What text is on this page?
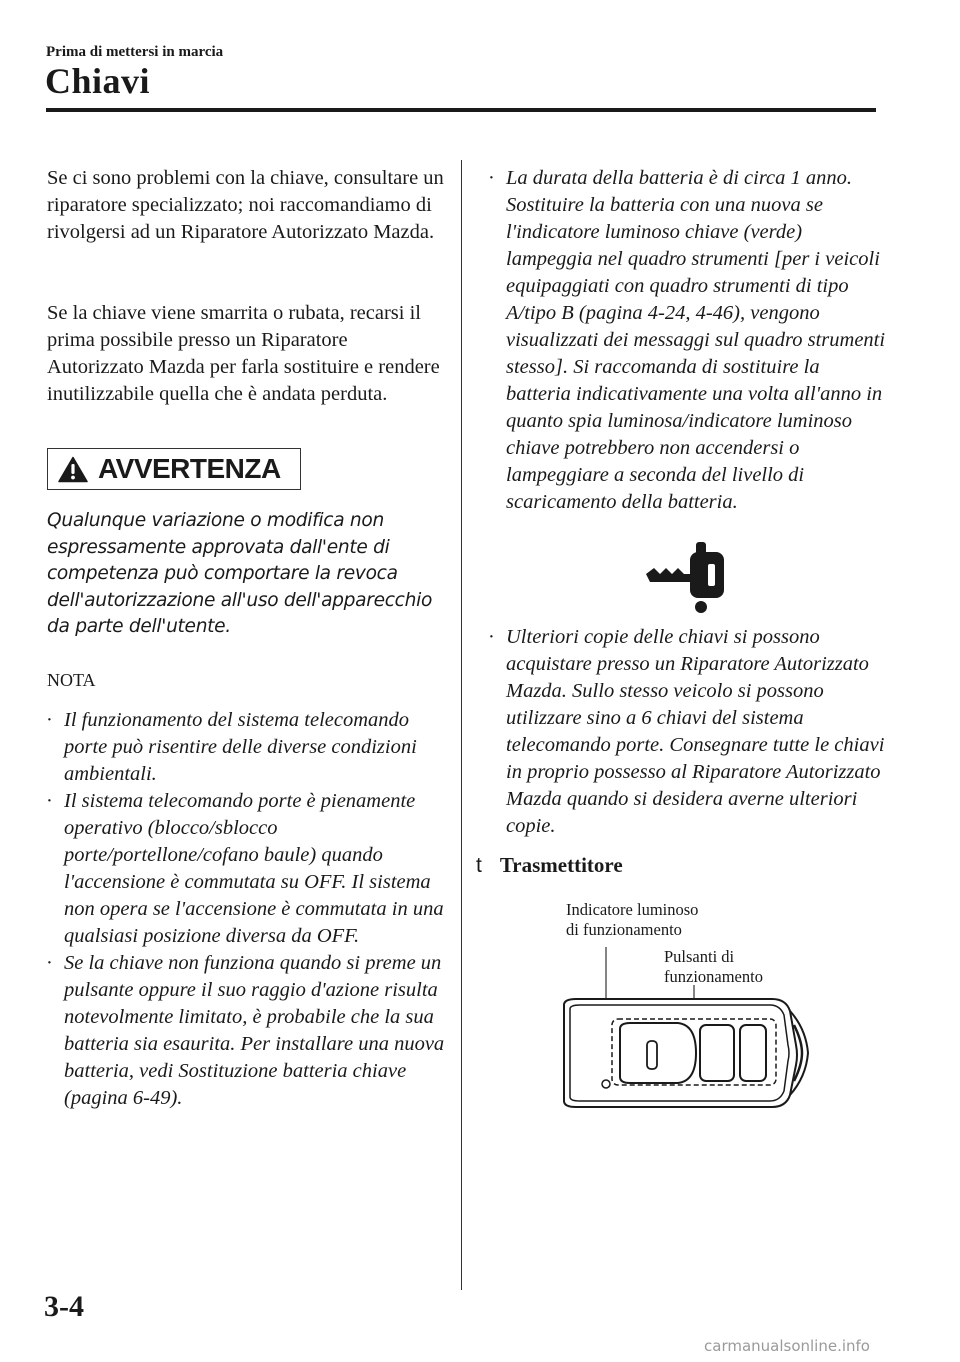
Prima di mettersi in marcia
Chiavi

Se ci sono problemi con la chiave, consultare un riparatore specializzato; noi raccomandiamo di rivolgersi ad un Riparatore Autorizzato Mazda.

Se la chiave viene smarrita o rubata, recarsi il prima possibile presso un Riparatore Autorizzato Mazda per farla sostituire e rendere inutilizzabile quella che è andata perduta.

AVVERTENZA

Qualunque variazione o modifica non espressamente approvata dall'ente di competenza può comportare la revoca dell'autorizzazione all'uso dell'apparecchio da parte dell'utente.

NOTA
· Il funzionamento del sistema telecomando porte può risentire delle diverse condizioni ambientali.
· Il sistema telecomando porte è pienamente operativo (blocco/sblocco porte/portellone/cofano baule) quando l'accensione è commutata su OFF. Il sistema non opera se l'accensione è commutata in una qualsiasi posizione diversa da OFF.
· Se la chiave non funziona quando si preme un pulsante oppure il suo raggio d'azione risulta notevolmente limitato, è probabile che la sua batteria sia esaurita. Per installare una nuova batteria, vedi Sostituzione batteria chiave (pagina 6-49).
· La durata della batteria è di circa 1 anno. Sostituire la batteria con una nuova se l'indicatore luminoso chiave (verde) lampeggia nel quadro strumenti [per i veicoli equipaggiati con quadro strumenti di tipo A/tipo B (pagina 4-24, 4-46), vengono visualizzati dei messaggi sul quadro strumenti stesso]. Si raccomanda di sostituire la batteria indicativamente una volta all'anno in quanto spia luminosa/indicatore luminoso chiave potrebbero non accendersi o lampeggiare a seconda del livello di scaricamento della batteria.
· Ulteriori copie delle chiavi si possono acquistare presso un Riparatore Autorizzato Mazda. Sullo stesso veicolo si possono utilizzare sino a 6 chiavi del sistema telecomando porte. Consegnare tutte le chiavi in proprio possesso al Riparatore Autorizzato Mazda quando si desidera averne ulteriori copie.
t Trasmettitore
Indicatore luminoso
di funzionamento
Pulsanti di
funzionamento
3-4
carmanualsonline.info
